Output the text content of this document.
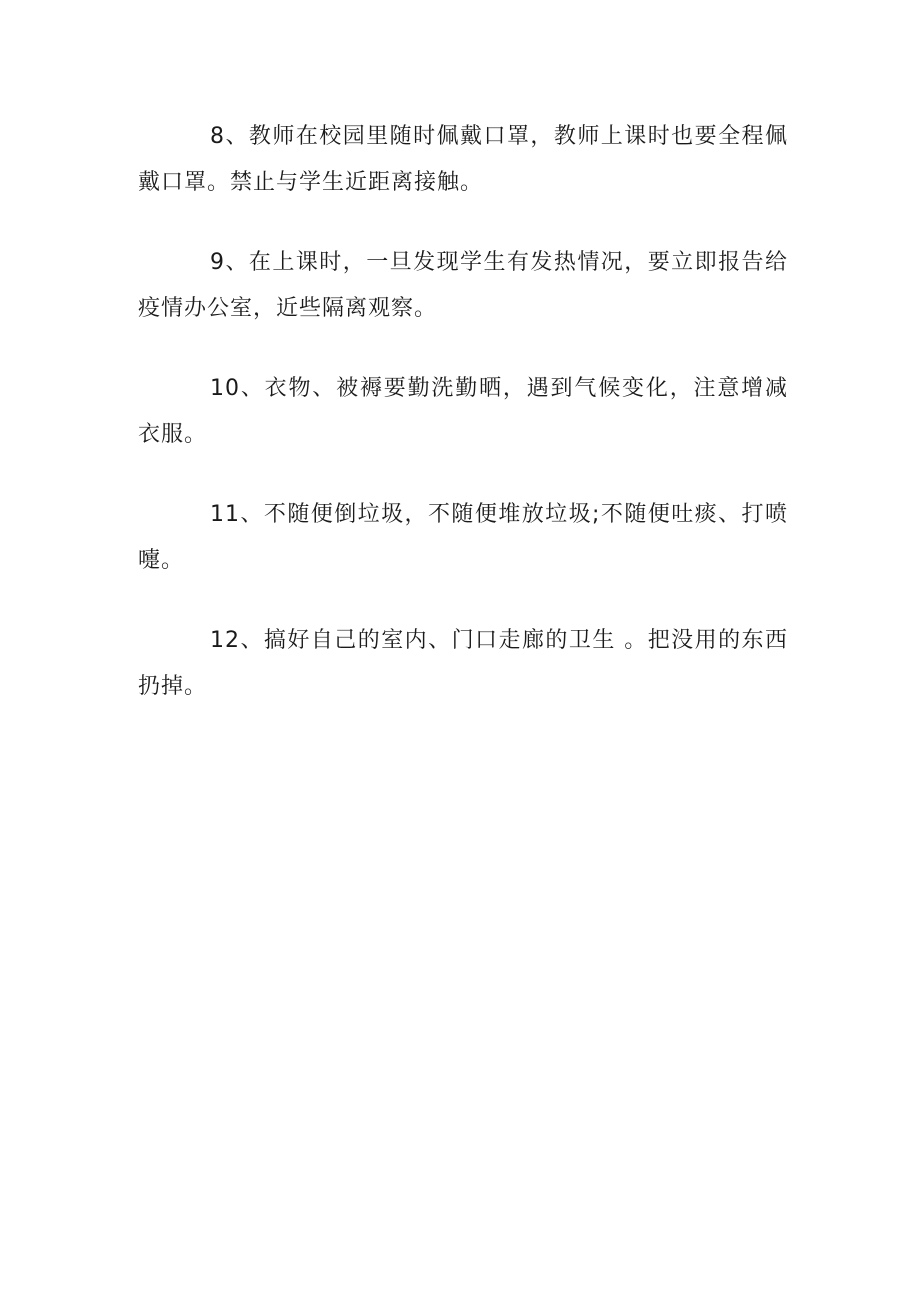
8、教师在校园里随时佩戴口罩，教师上课时也要全程佩戴口罩。禁止与学生近距离接触。

9、在上课时，一旦发现学生有发热情况，要立即报告给疫情办公室，近些隔离观察。

10、衣物、被褥要勤洗勤晒，遇到气候变化，注意增减衣服。

11、不随便倒垃圾，不随便堆放垃圾;不随便吐痰、打喷嚏。

12、搞好自己的室内、门口走廊的卫生 。把没用的东西扔掉。
